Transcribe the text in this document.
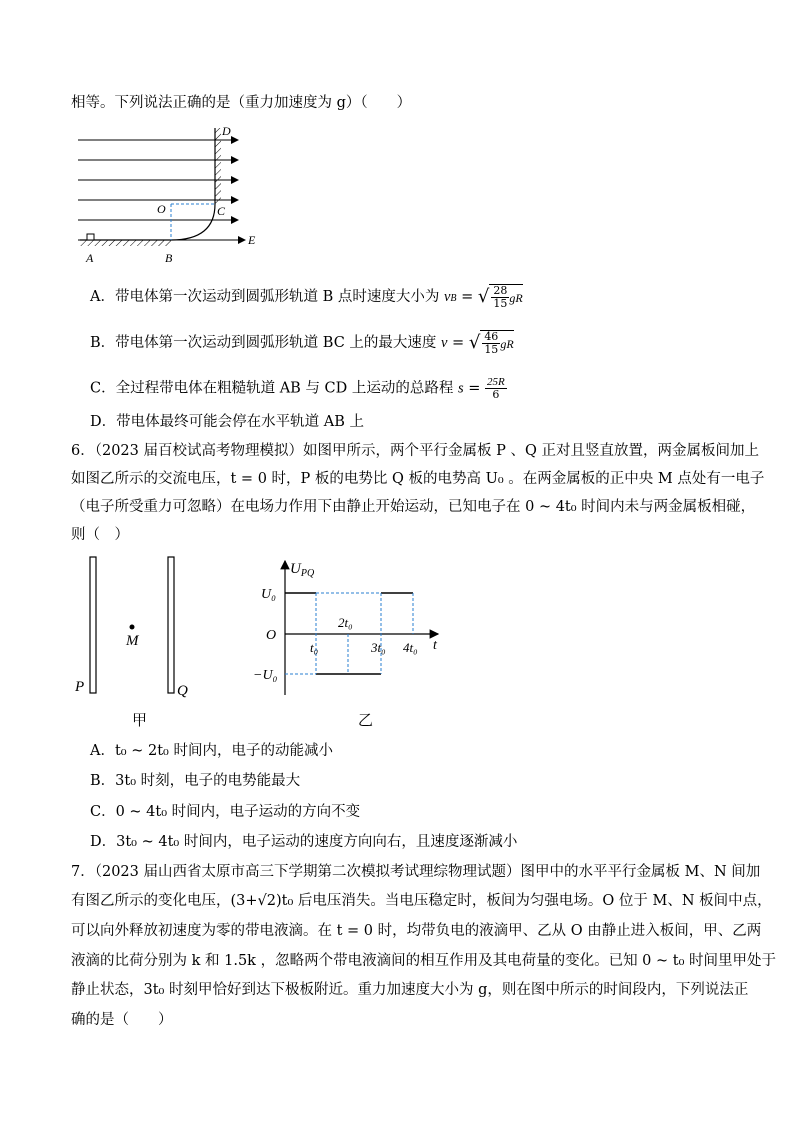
相等。下列说法正确的是（重力加速度为 g）（　　）
D
O	C
E
A	B
A．带电体第一次运动到圆弧形轨道 B 点时速度大小为 vB = √ $\frac{28}{15}$ gR
B．带电体第一次运动到圆弧形轨道 BC 上的最大速度 v = √ $\frac{46}{15}$ gR
C．全过程带电体在粗糙轨道 AB 与 CD 上运动的总路程 $s = \frac{25R}{6}$
D．带电体最终可能会停在水平轨道 AB 上
6．（2023 届百校试高考物理模拟）如图甲所示，两个平行金属板 P 、Q 正对且竖直放置，两金属板间加上
如图乙所示的交流电压，t = 0 时，P 板的电势比 Q 板的电势高 U₀ 。在两金属板的正中央 M 点处有一电子
（电子所受重力可忽略）在电场力作用下由静止开始运动，已知电子在 0 ~ 4t₀ 时间内未与两金属板相碰，
则（　）
M
P	Q
甲
$U_{PQ}$
U₀
O
−U₀
t₀
2t₀
3t₀ 4t₀ t
乙
A．t₀ ~ 2t₀ 时间内，电子的动能减小
B．3t₀ 时刻，电子的电势能最大
C．0 ~ 4t₀ 时间内，电子运动的方向不变
D．3t₀ ~ 4t₀ 时间内，电子运动的速度方向向右，且速度逐渐减小
7．（2023 届山西省太原市高三下学期第二次模拟考试理综物理试题）图甲中的水平平行金属板 M、N 间加
有图乙所示的变化电压，(3+√2)t₀ 后电压消失。当电压稳定时，板间为匀强电场。O 位于 M、N 板间中点，
可以向外释放初速度为零的带电液滴。在 t = 0 时，均带负电的液滴甲、乙从 O 由静止进入板间，甲、乙两
液滴的比荷分别为 k 和 1.5k ，忽略两个带电液滴间的相互作用及其电荷量的变化。已知 0 ~ t₀ 时间里甲处于
静止状态，3t₀ 时刻甲恰好到达下极板附近。重力加速度大小为 g，则在图中所示的时间段内，下列说法正
确的是（　　）
